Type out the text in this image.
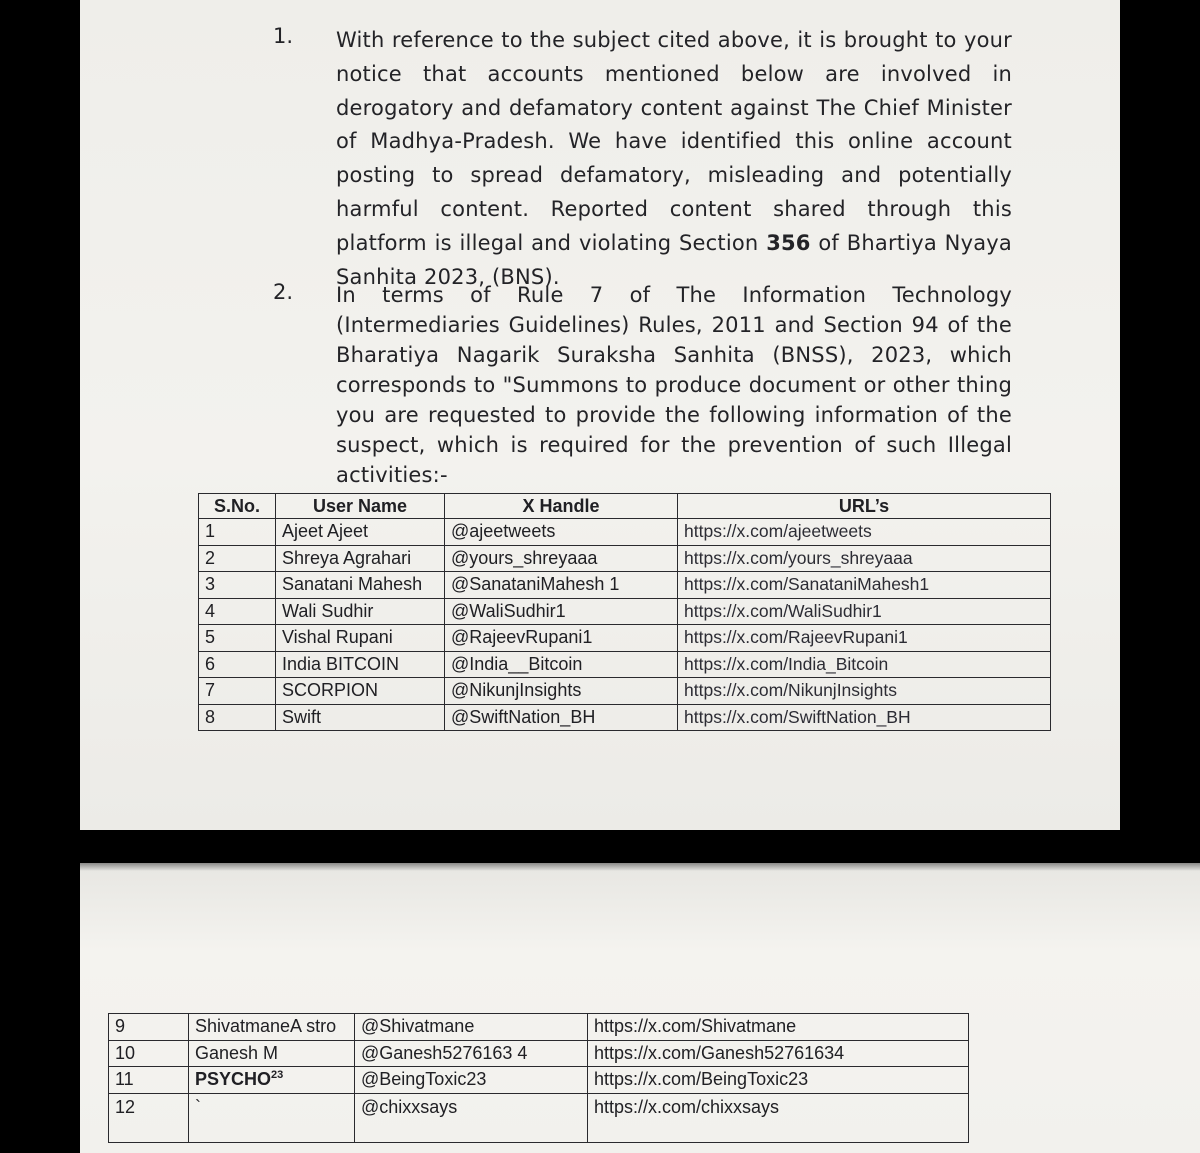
1. With reference to the subject cited above, it is brought to your notice that accounts mentioned below are involved in derogatory and defamatory content against The Chief Minister of Madhya-Pradesh. We have identified this online account posting to spread defamatory, misleading and potentially harmful content. Reported content shared through this platform is illegal and violating Section 356 of Bhartiya Nyaya Sanhita 2023, (BNS).
2. In terms of Rule 7 of The Information Technology (Intermediaries Guidelines) Rules, 2011 and Section 94 of the Bharatiya Nagarik Suraksha Sanhita (BNSS), 2023, which corresponds to "Summons to produce document or other thing you are requested to provide the following information of the suspect, which is required for the prevention of such Illegal activities:-
S.No.	User Name	X Handle	URL’s
1	Ajeet Ajeet	@ajeetweets	https://x.com/ajeetweets
2	Shreya Agrahari	@yours_shreyaaa	https://x.com/yours_shreyaaa
3	Sanatani Mahesh	@SanataniMahesh 1	https://x.com/SanataniMahesh1
4	Wali Sudhir	@WaliSudhir1	https://x.com/WaliSudhir1
5	Vishal Rupani	@RajeevRupani1	https://x.com/RajeevRupani1
6	India BITCOIN	@India__Bitcoin	https://x.com/India_Bitcoin
7	SCORPION	@NikunjInsights	https://x.com/NikunjInsights
8	Swift	@SwiftNation_BH	https://x.com/SwiftNation_BH
9	ShivatmaneA stro	@Shivatmane	https://x.com/Shivatmane
10	Ganesh M	@Ganesh5276163 4	https://x.com/Ganesh52761634
11	PSYCHO$^{23}$	@BeingToxic23	https://x.com/BeingToxic23
12	`	@chixxsays	https://x.com/chixxsays
